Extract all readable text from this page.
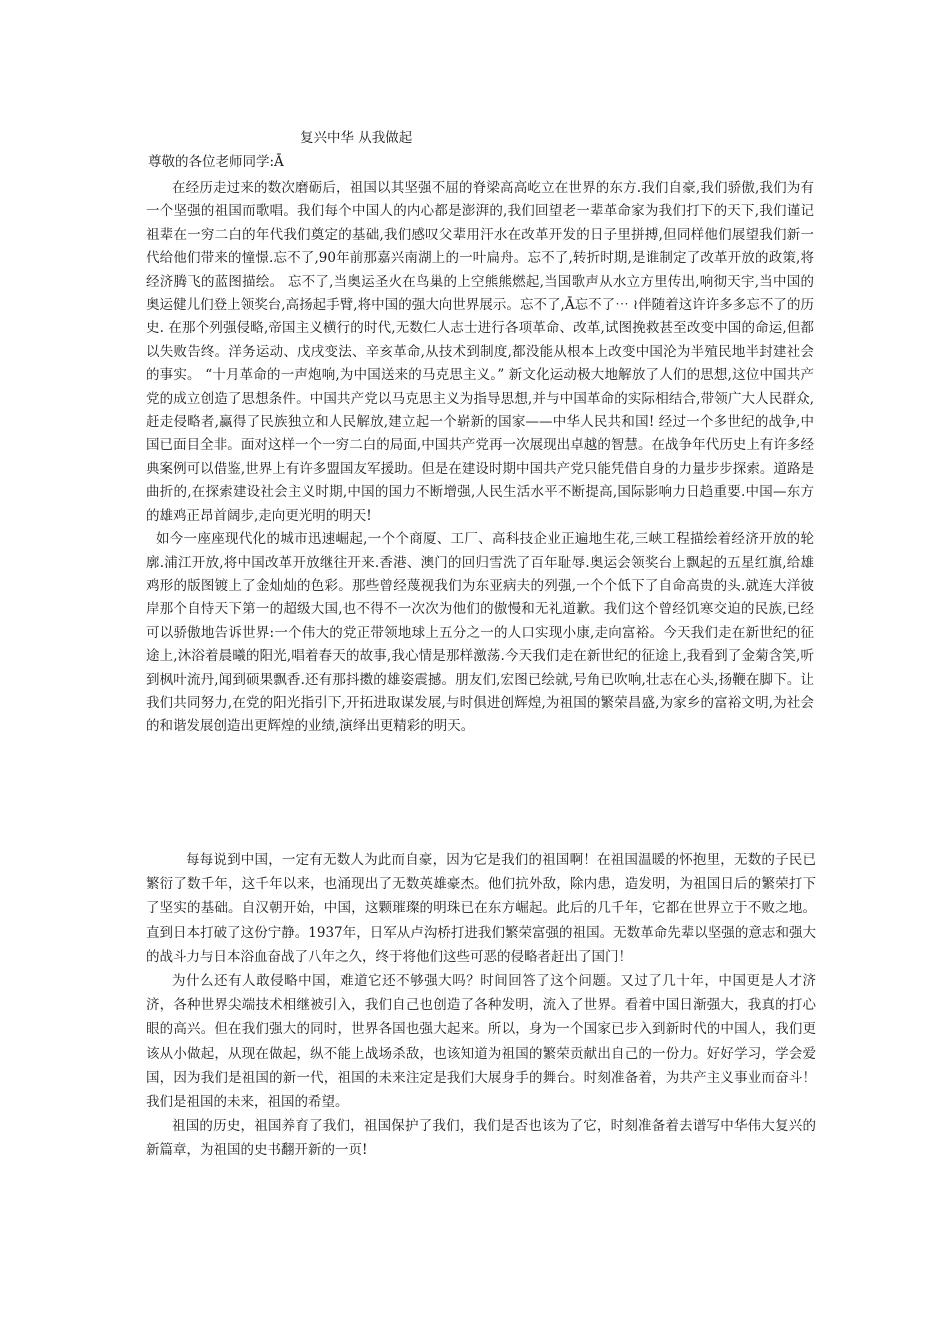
复兴中华 从我做起
尊敬的各位老师同学:Ā

在经历走过来的数次磨砺后，祖国以其坚强不屈的脊梁高高屹立在世界的东方.我们自豪,我们骄傲,我们为有一个坚强的祖国而歌唱。我们每个中国人的内心都是澎湃的,我们回望老一辈革命家为我们打下的天下,我们谨记祖辈在一穷二白的年代我们奠定的基础,我们感叹父辈用汗水在改革开发的日子里拼搏,但同样他们展望我们新一代给他们带来的憧憬.忘不了,90年前那嘉兴南湖上的一叶扁舟。忘不了,转折时期,是谁制定了改革开放的政策,将经济腾飞的蓝图描绘。 忘不了,当奥运圣火在鸟巢的上空熊熊燃起,当国歌声从水立方里传出,响彻天宇,当中国的奥运健儿们登上领奖台,高扬起手臂,将中国的强大向世界展示。忘不了,Ā忘不了⋯ ≀伴随着这许许多多忘不了的历史. 在那个列强侵略,帝国主义横行的时代,无数仁人志士进行各项革命、改革,试图挽救甚至改变中国的命运,但都以失败告终。洋务运动、戊戌变法、辛亥革命,从技术到制度,都没能从根本上改变中国沦为半殖民地半封建社会的事实。 “十月革命的一声炮响,为中国送来的马克思主义。” 新文化运动极大地解放了人们的思想,这位中国共产党的成立创造了思想条件。中国共产党以马克思主义为指导思想,并与中国革命的实际相结合,带领广大人民群众,赶走侵略者,赢得了民族独立和人民解放,建立起一个崭新的国家——中华人民共和国! 经过一个多世纪的战争,中国已面目全非。面对这样一个一穷二白的局面,中国共产党再一次展现出卓越的智慧。在战争年代历史上有许多经典案例可以借鉴,世界上有许多盟国友军援助。但是在建设时期中国共产党只能凭借自身的力量步步探索。道路是曲折的,在探索建设社会主义时期,中国的国力不断增强,人民生活水平不断提高,国际影响力日趋重要.中国—东方的雄鸡正昂首阔步,走向更光明的明天!

如今一座座现代化的城市迅速崛起,一个个商厦、工厂、高科技企业正遍地生花,三峡工程描绘着经济开放的轮廓.浦江开放,将中国改革开放继往开来.香港、澳门的回归雪洗了百年耻辱.奥运会领奖台上飘起的五星红旗,给雄鸡形的版图镀上了金灿灿的色彩。那些曾经蔑视我们为东亚病夫的列强,一个个低下了自命高贵的头.就连大洋彼岸那个自恃天下第一的超级大国,也不得不一次次为他们的傲慢和无礼道歉。我们这个曾经饥寒交迫的民族,已经可以骄傲地告诉世界:一个伟大的党正带领地球上五分之一的人口实现小康,走向富裕。今天我们走在新世纪的征途上,沐浴着晨曦的阳光,唱着春天的故事,我心情是那样激荡.今天我们走在新世纪的征途上,我看到了金菊含笑,听到枫叶流丹,闻到硕果飘香.还有那抖擞的雄姿震撼。朋友们,宏图已绘就,号角已吹响,壮志在心头,扬鞭在脚下。让我们共同努力,在党的阳光指引下,开拓进取谋发展,与时俱进创辉煌,为祖国的繁荣昌盛,为家乡的富裕文明,为社会的和谐发展创造出更辉煌的业绩,演绎出更精彩的明天。

每每说到中国，一定有无数人为此而自豪，因为它是我们的祖国啊！在祖国温暖的怀抱里，无数的子民已繁衍了数千年，这千年以来，也涌现出了无数英雄豪杰。他们抗外敌，除内患，造发明，为祖国日后的繁荣打下了坚实的基础。自汉朝开始，中国，这颗璀璨的明珠已在东方崛起。此后的几千年，它都在世界立于不败之地。直到日本打破了这份宁静。1937年，日军从卢沟桥打进我们繁荣富强的祖国。无数革命先辈以坚强的意志和强大的战斗力与日本浴血奋战了八年之久，终于将他们这些可恶的侵略者赶出了国门！

为什么还有人敢侵略中国，难道它还不够强大吗？时间回答了这个问题。又过了几十年，中国更是人才济济，各种世界尖端技术相继被引入，我们自己也创造了各种发明，流入了世界。看着中国日渐强大，我真的打心眼的高兴。但在我们强大的同时，世界各国也强大起来。所以，身为一个国家已步入到新时代的中国人，我们更该从小做起，从现在做起，纵不能上战场杀敌，也该知道为祖国的繁荣贡献出自己的一份力。好好学习，学会爱国，因为我们是祖国的新一代，祖国的未来注定是我们大展身手的舞台。时刻准备着，为共产主义事业而奋斗！我们是祖国的未来，祖国的希望。

祖国的历史，祖国养育了我们，祖国保护了我们，我们是否也该为了它，时刻准备着去谱写中华伟大复兴的新篇章，为祖国的史书翻开新的一页!
